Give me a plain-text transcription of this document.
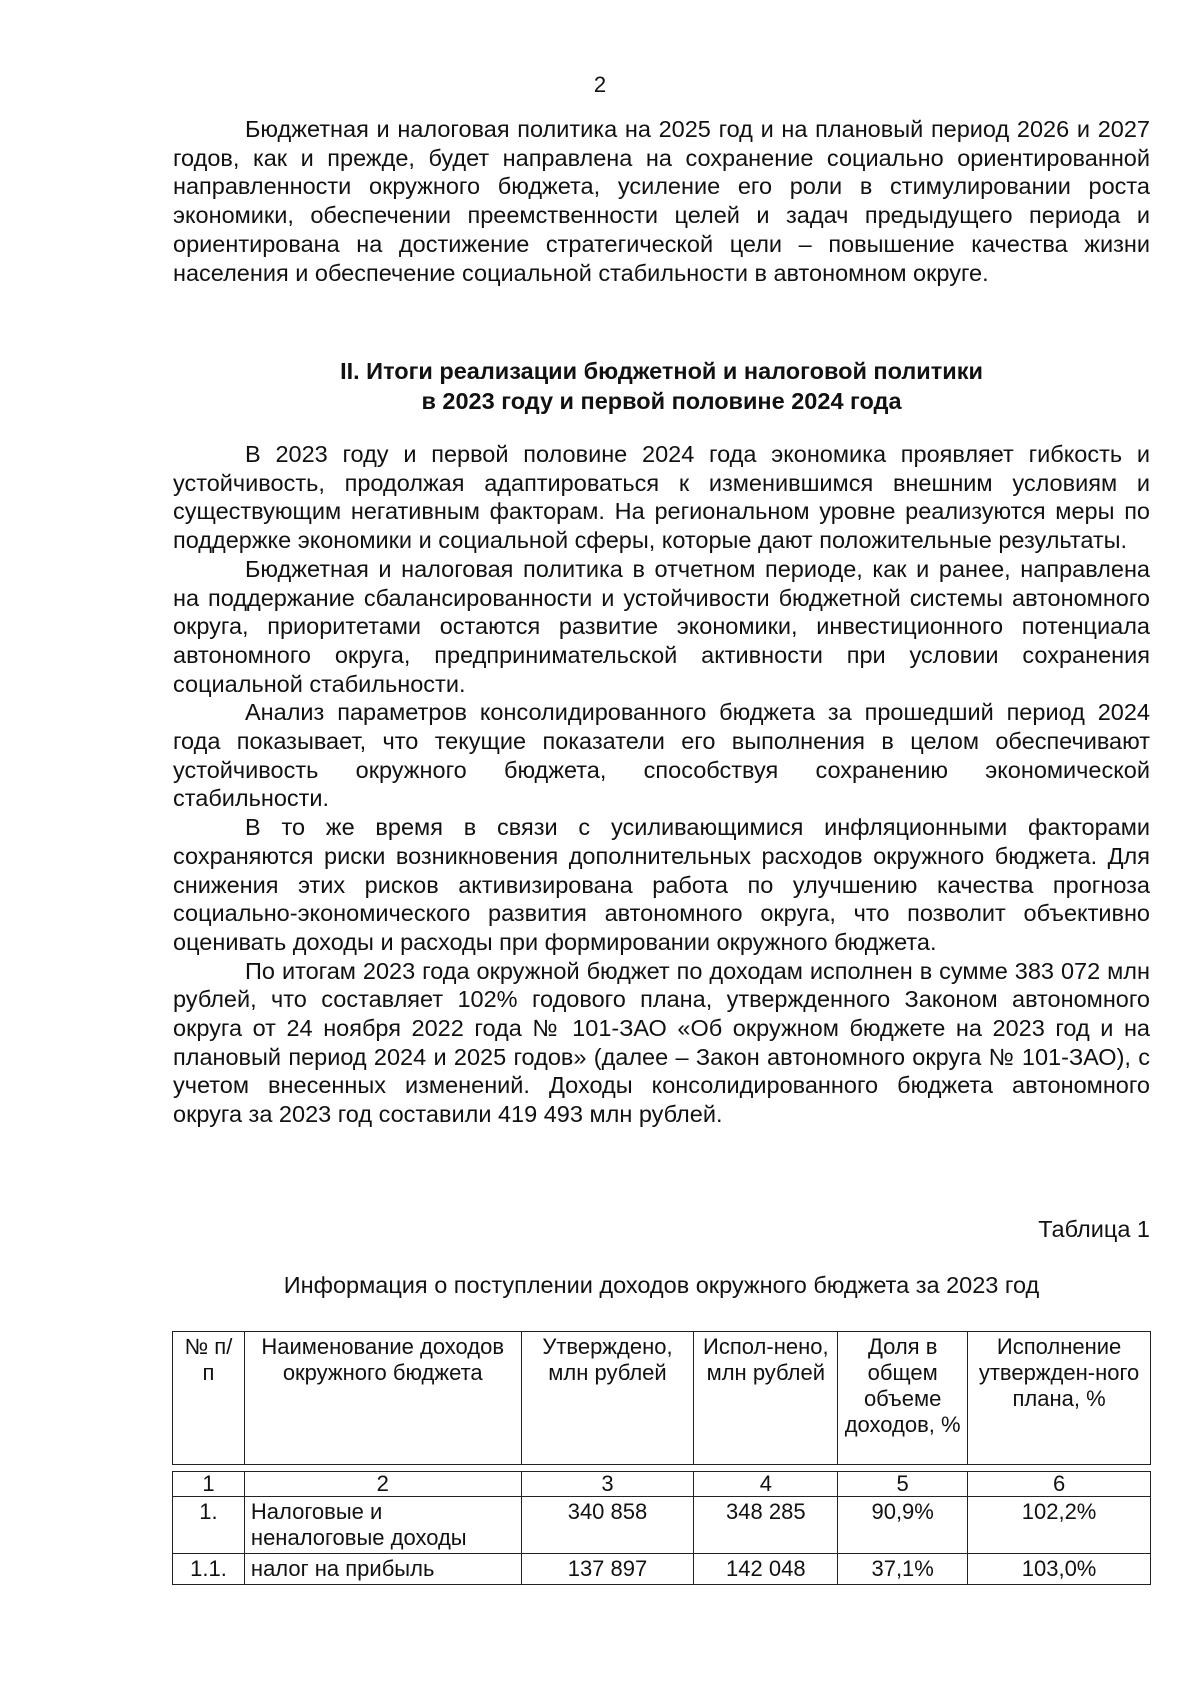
2

Бюджетная и налоговая политика на 2025 год и на плановый период 2026 и 2027 годов, как и прежде, будет направлена на сохранение социально ориентированной направленности окружного бюджета, усиление его роли в стимулировании роста экономики, обеспечении преемственности целей и задач предыдущего периода и ориентирована на достижение стратегической цели – повышение качества жизни населения и обеспечение социальной стабильности в автономном округе.

II. Итоги реализации бюджетной и налоговой политики
в 2023 году и первой половине 2024 года

В 2023 году и первой половине 2024 года экономика проявляет гибкость и устойчивость, продолжая адаптироваться к изменившимся внешним условиям и существующим негативным факторам. На региональном уровне реализуются меры по поддержке экономики и социальной сферы, которые дают положительные результаты.

Бюджетная и налоговая политика в отчетном периоде, как и ранее, направлена на поддержание сбалансированности и устойчивости бюджетной системы автономного округа, приоритетами остаются развитие экономики, инвестиционного потенциала автономного округа, предпринимательской активности при условии сохранения социальной стабильности.

Анализ параметров консолидированного бюджета за прошедший период 2024 года показывает, что текущие показатели его выполнения в целом обеспечивают устойчивость окружного бюджета, способствуя сохранению экономической стабильности.

В то же время в связи с усиливающимися инфляционными факторами сохраняются риски возникновения дополнительных расходов окружного бюджета. Для снижения этих рисков активизирована работа по улучшению качества прогноза социально-экономического развития автономного округа, что позволит объективно оценивать доходы и расходы при формировании окружного бюджета.

По итогам 2023 года окружной бюджет по доходам исполнен в сумме 383 072 млн рублей, что составляет 102% годового плана, утвержденного Законом автономного округа от 24 ноября 2022 года № 101-ЗАО «Об окружном бюджете на 2023 год и на плановый период 2024 и 2025 годов» (далее – Закон автономного округа № 101-ЗАО), с учетом внесенных изменений. Доходы консолидированного бюджета автономного округа за 2023 год составили 419 493 млн рублей.

Таблица 1
Информация о поступлении доходов окружного бюджета за 2023 год
№ п/п	Наименование доходов окружного бюджета	Утверждено, млн рублей	Испол-нено, млн рублей	Доля в общем объеме доходов, %	Исполнение утвержден-ного плана, %

1	2	3	4	5	6
1.	Налоговые и неналоговые доходы	340 858	348 285	90,9%	102,2%
1.1.	налог на прибыль	137 897	142 048	37,1%	103,0%
